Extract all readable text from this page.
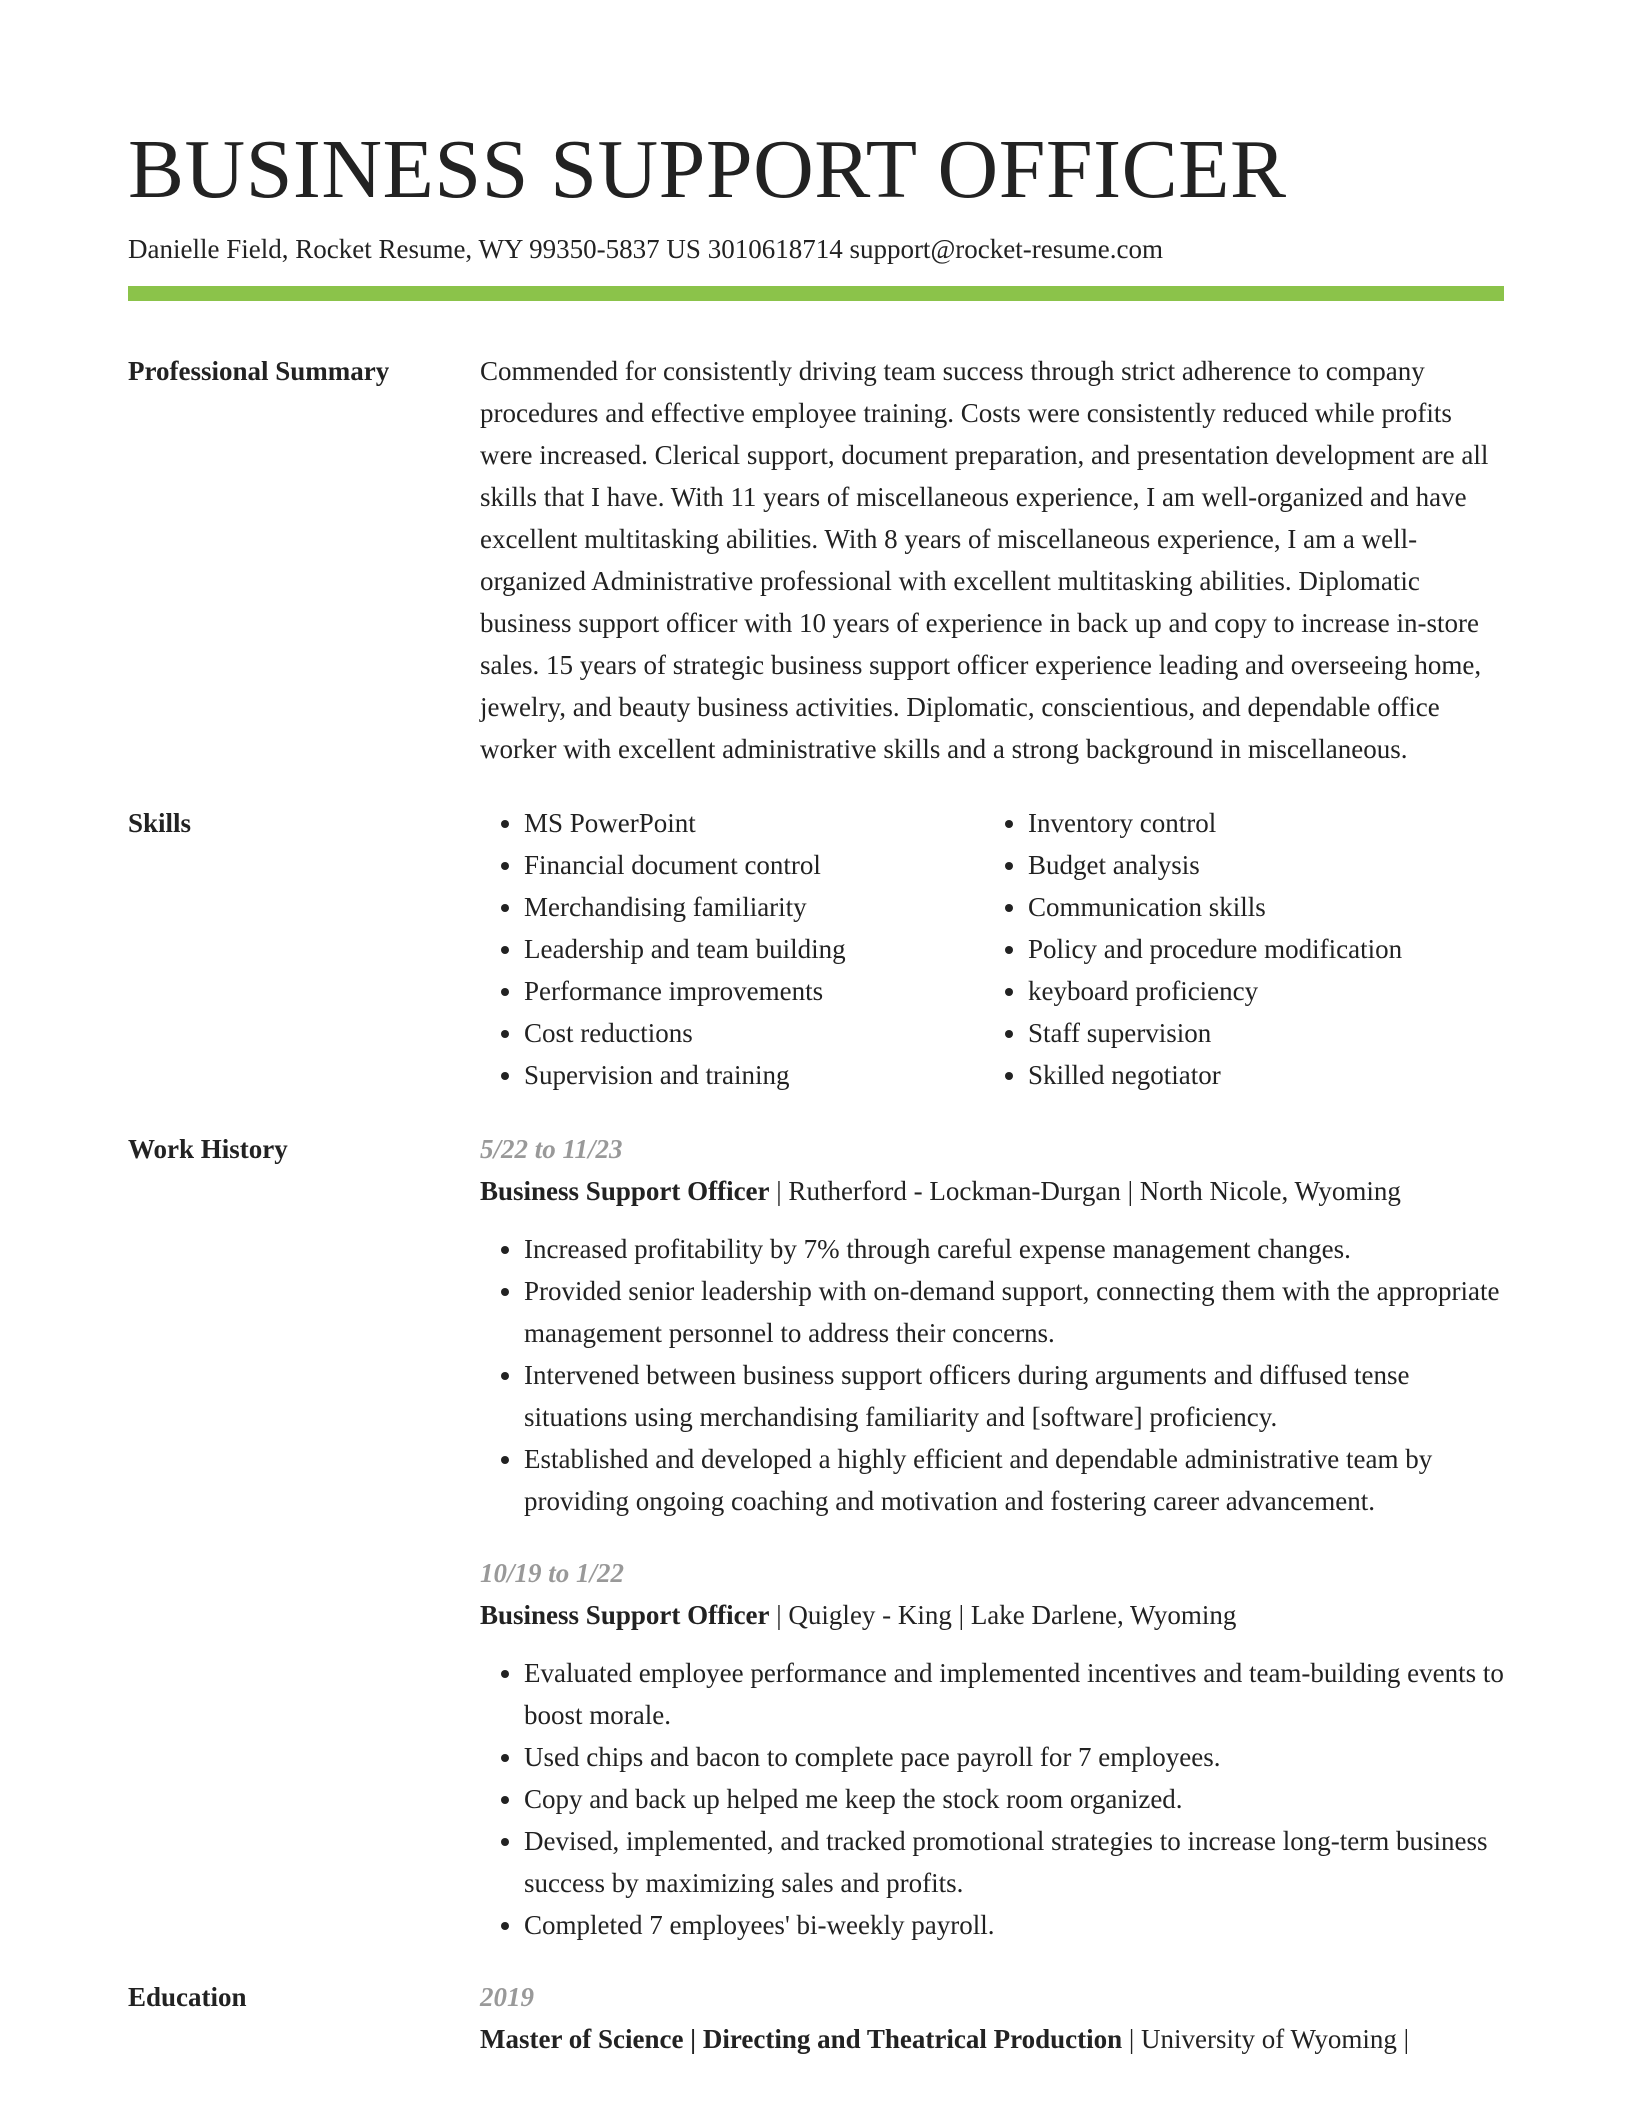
BUSINESS SUPPORT OFFICER
Danielle Field, Rocket Resume, WY 99350-5837 US 3010618714 support@rocket-resume.com
Professional Summary	Commended for consistently driving team success through strict adherence to company procedures and effective employee training. Costs were consistently reduced while profits were increased. Clerical support, document preparation, and presentation development are all skills that I have. With 11 years of miscellaneous experience, I am well-organized and have excellent multitasking abilities. With 8 years of miscellaneous experience, I am a well-organized Administrative professional with excellent multitasking abilities. Diplomatic business support officer with 10 years of experience in back up and copy to increase in-store sales. 15 years of strategic business support officer experience leading and overseeing home, jewelry, and beauty business activities. Diplomatic, conscientious, and dependable office worker with excellent administrative skills and a strong background in miscellaneous.

Skills
•	MS PowerPoint
• Financial document control
• Merchandising familiarity
• Leadership and team building
• Performance improvements
• Cost reductions
• Supervision and training
• Inventory control
• Budget analysis
• Communication skills
• Policy and procedure modification
• keyboard proficiency
• Staff supervision
• Skilled negotiator
Work History	5/22 to 11/23
Business Support Officer | Rutherford - Lockman-Durgan | North Nicole, Wyoming
• Increased profitability by 7% through careful expense management changes.
• Provided senior leadership with on-demand support, connecting them with the appropriate management personnel to address their concerns.
• Intervened between business support officers during arguments and diffused tense situations using merchandising familiarity and [software] proficiency.
• Established and developed a highly efficient and dependable administrative team by providing ongoing coaching and motivation and fostering career advancement.
10/19 to 1/22
Business Support Officer | Quigley - King | Lake Darlene, Wyoming
• Evaluated employee performance and implemented incentives and team-building events to boost morale.
• Used chips and bacon to complete pace payroll for 7 employees.
• Copy and back up helped me keep the stock room organized.
• Devised, implemented, and tracked promotional strategies to increase long-term business success by maximizing sales and profits.
• Completed 7 employees' bi-weekly payroll.
Education	2019
Master of Science | Directing and Theatrical Production | University of Wyoming |
